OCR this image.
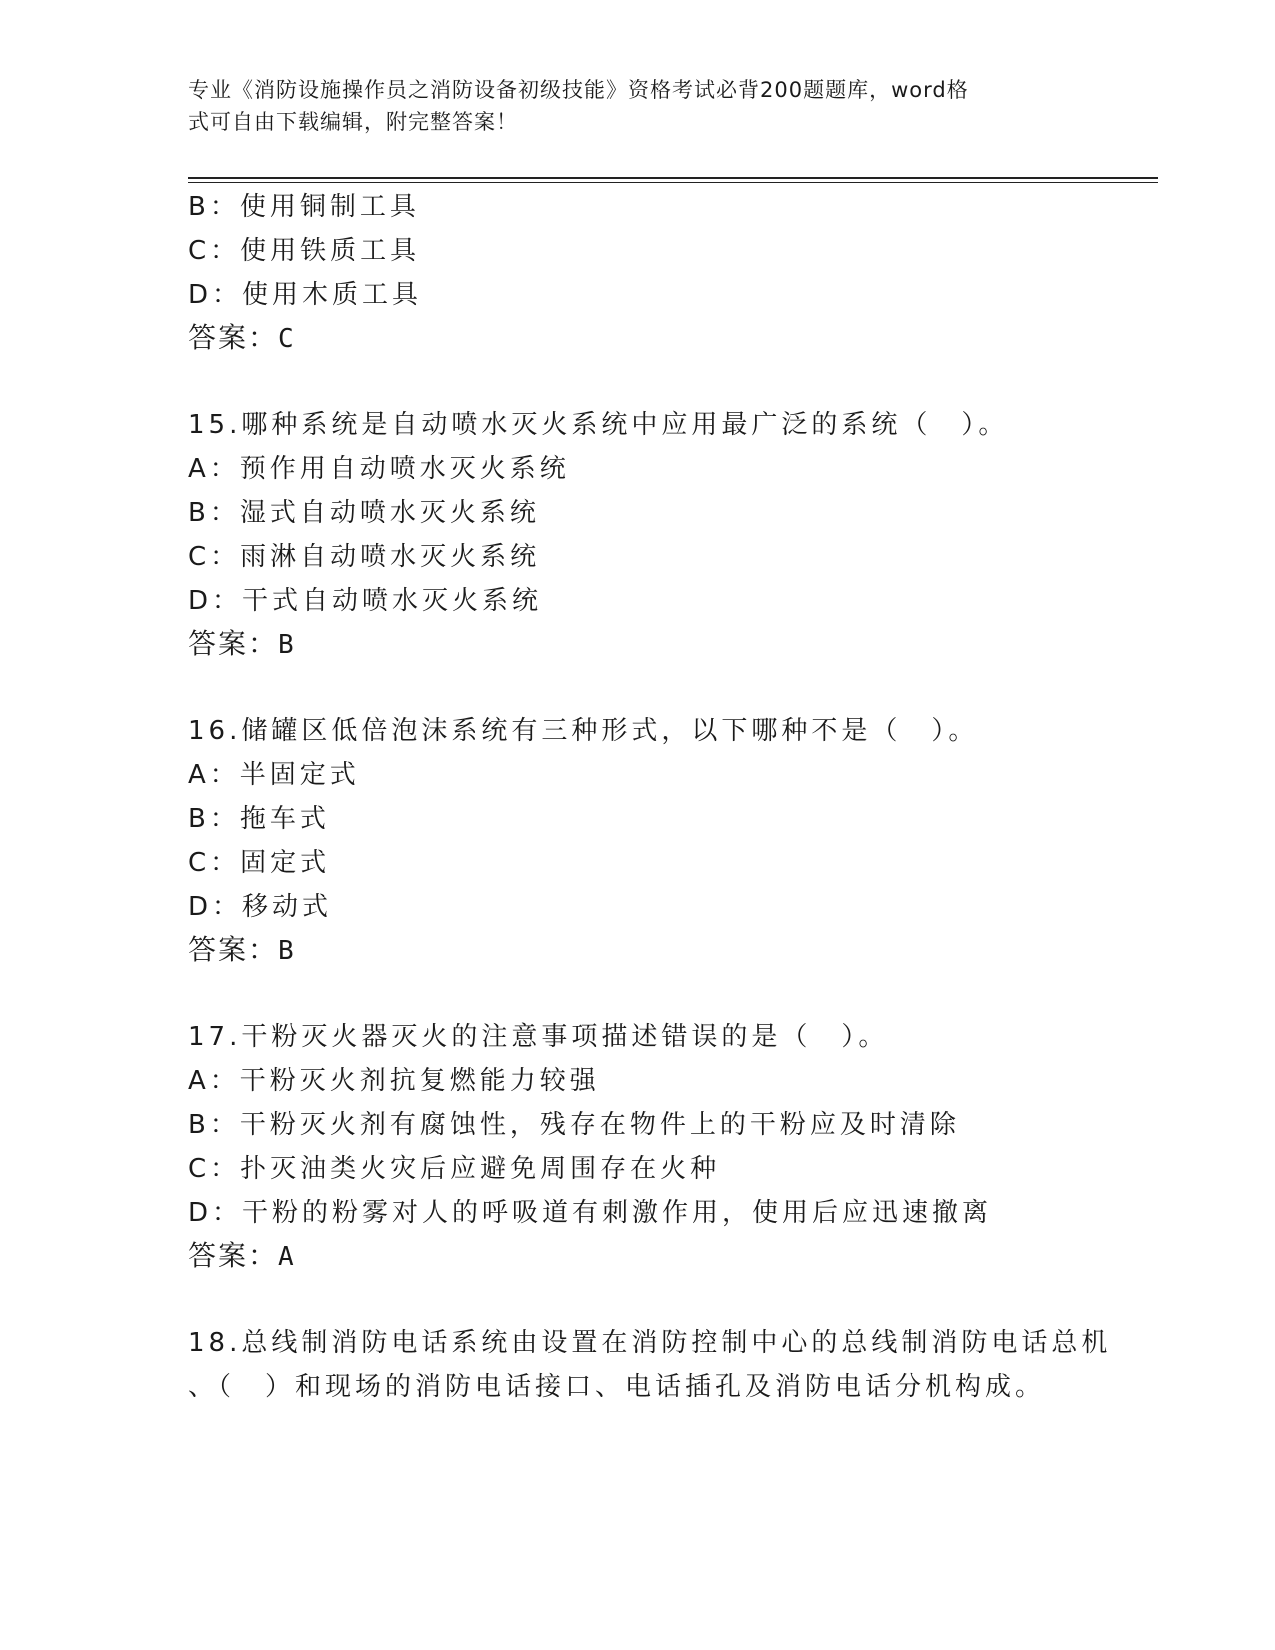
专业《消防设施操作员之消防设备初级技能》资格考试必背200题题库，word格
式可自由下载编辑，附完整答案！
B：使用铜制工具
C：使用铁质工具
D：使用木质工具
答案：C
15.哪种系统是自动喷水灭火系统中应用最广泛的系统（　）。
A：预作用自动喷水灭火系统
B：湿式自动喷水灭火系统
C：雨淋自动喷水灭火系统
D：干式自动喷水灭火系统
答案：B
16.储罐区低倍泡沫系统有三种形式，以下哪种不是（　）。
A：半固定式
B：拖车式
C：固定式
D：移动式
答案：B
17.干粉灭火器灭火的注意事项描述错误的是（　）。
A：干粉灭火剂抗复燃能力较强
B：干粉灭火剂有腐蚀性，残存在物件上的干粉应及时清除
C：扑灭油类火灾后应避免周围存在火种
D：干粉的粉雾对人的呼吸道有刺激作用，使用后应迅速撤离
答案：A
18.总线制消防电话系统由设置在消防控制中心的总线制消防电话总机
、（　）和现场的消防电话接口、电话插孔及消防电话分机构成。
